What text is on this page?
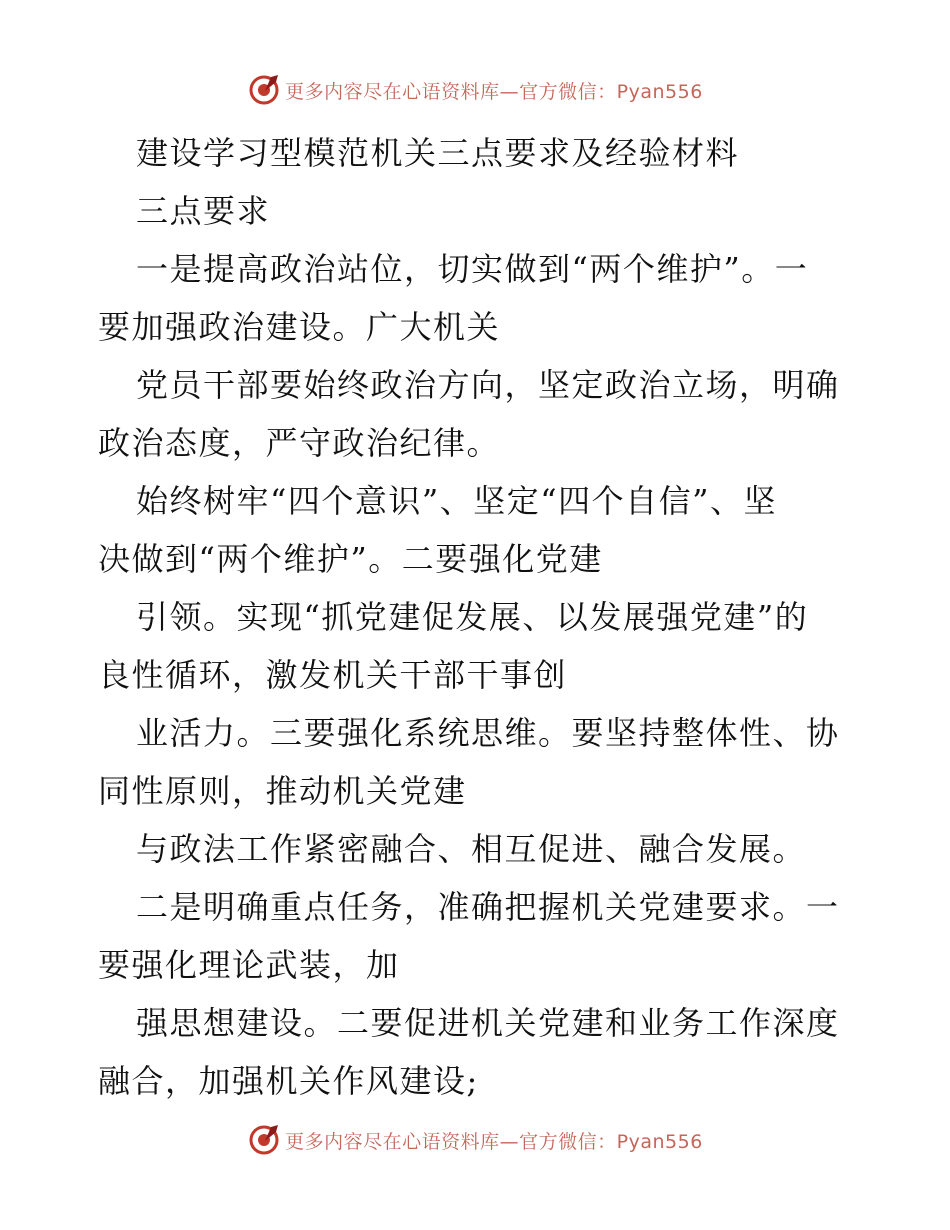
更多内容尽在心语资料库—官方微信：Pyan556
建设学习型模范机关三点要求及经验材料
三点要求
一是提高政治站位，切实做到“两个维护”。一
要加强政治建设。广大机关
党员干部要始终政治方向，坚定政治立场，明确
政治态度，严守政治纪律。
始终树牢“四个意识”、坚定“四个自信”、坚
决做到“两个维护”。二要强化党建
引领。实现“抓党建促发展、以发展强党建”的
良性循环，激发机关干部干事创
业活力。三要强化系统思维。要坚持整体性、协
同性原则，推动机关党建
与政法工作紧密融合、相互促进、融合发展。
二是明确重点任务，准确把握机关党建要求。一
要强化理论武装，加
强思想建设。二要促进机关党建和业务工作深度
融合，加强机关作风建设;
更多内容尽在心语资料库—官方微信：Pyan556
